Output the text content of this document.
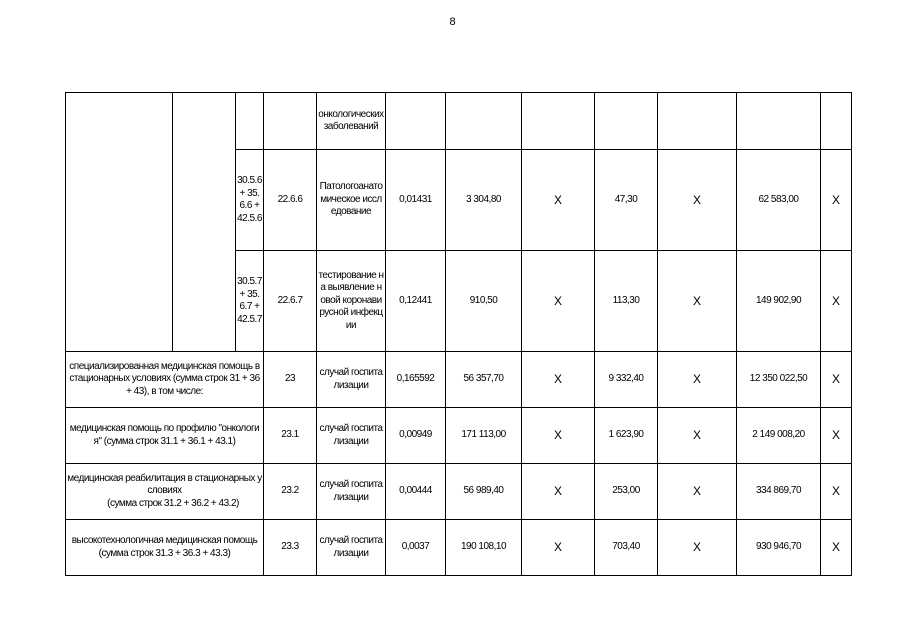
8
				онкологических заболеваний							
		30.5.6 + 35.6.6 + 42.5.6	22.6.6	Патологоанатомическое исследование	0,01431	3 304,80	Х	47,30	Х	62 583,00	Х
		30.5.7 + 35.6.7 + 42.5.7	22.6.7	тестирование на выявление новой коронавирусной инфекции	0,12441	910,50	Х	113,30	Х	149 902,90	Х
специализированная медицинская помощь в стационарных условиях (сумма строк 31 + 36 + 43), в том числе:			23	случай госпитализации	0,165592	56 357,70	Х	9 332,40	Х	12 350 022,50	Х
медицинская помощь по профилю "онкология" (сумма строк 31.1 + 36.1 + 43.1)			23.1	случай госпитализации	0,00949	171 113,00	Х	1 623,90	Х	2 149 008,20	Х

медицинская реабилитация в стационарных условиях
(сумма строк 31.2 + 36.2 + 43.2)			23.2	случай госпитализации	0,00444	56 989,40	Х	253,00	Х	334 869,70	Х
высокотехнологичная медицинская помощь (сумма строк 31.3 + 36.3 + 43.3)			23.3	случай госпитализации	0,0037	190 108,10	Х	703,40	Х	930 946,70	Х
